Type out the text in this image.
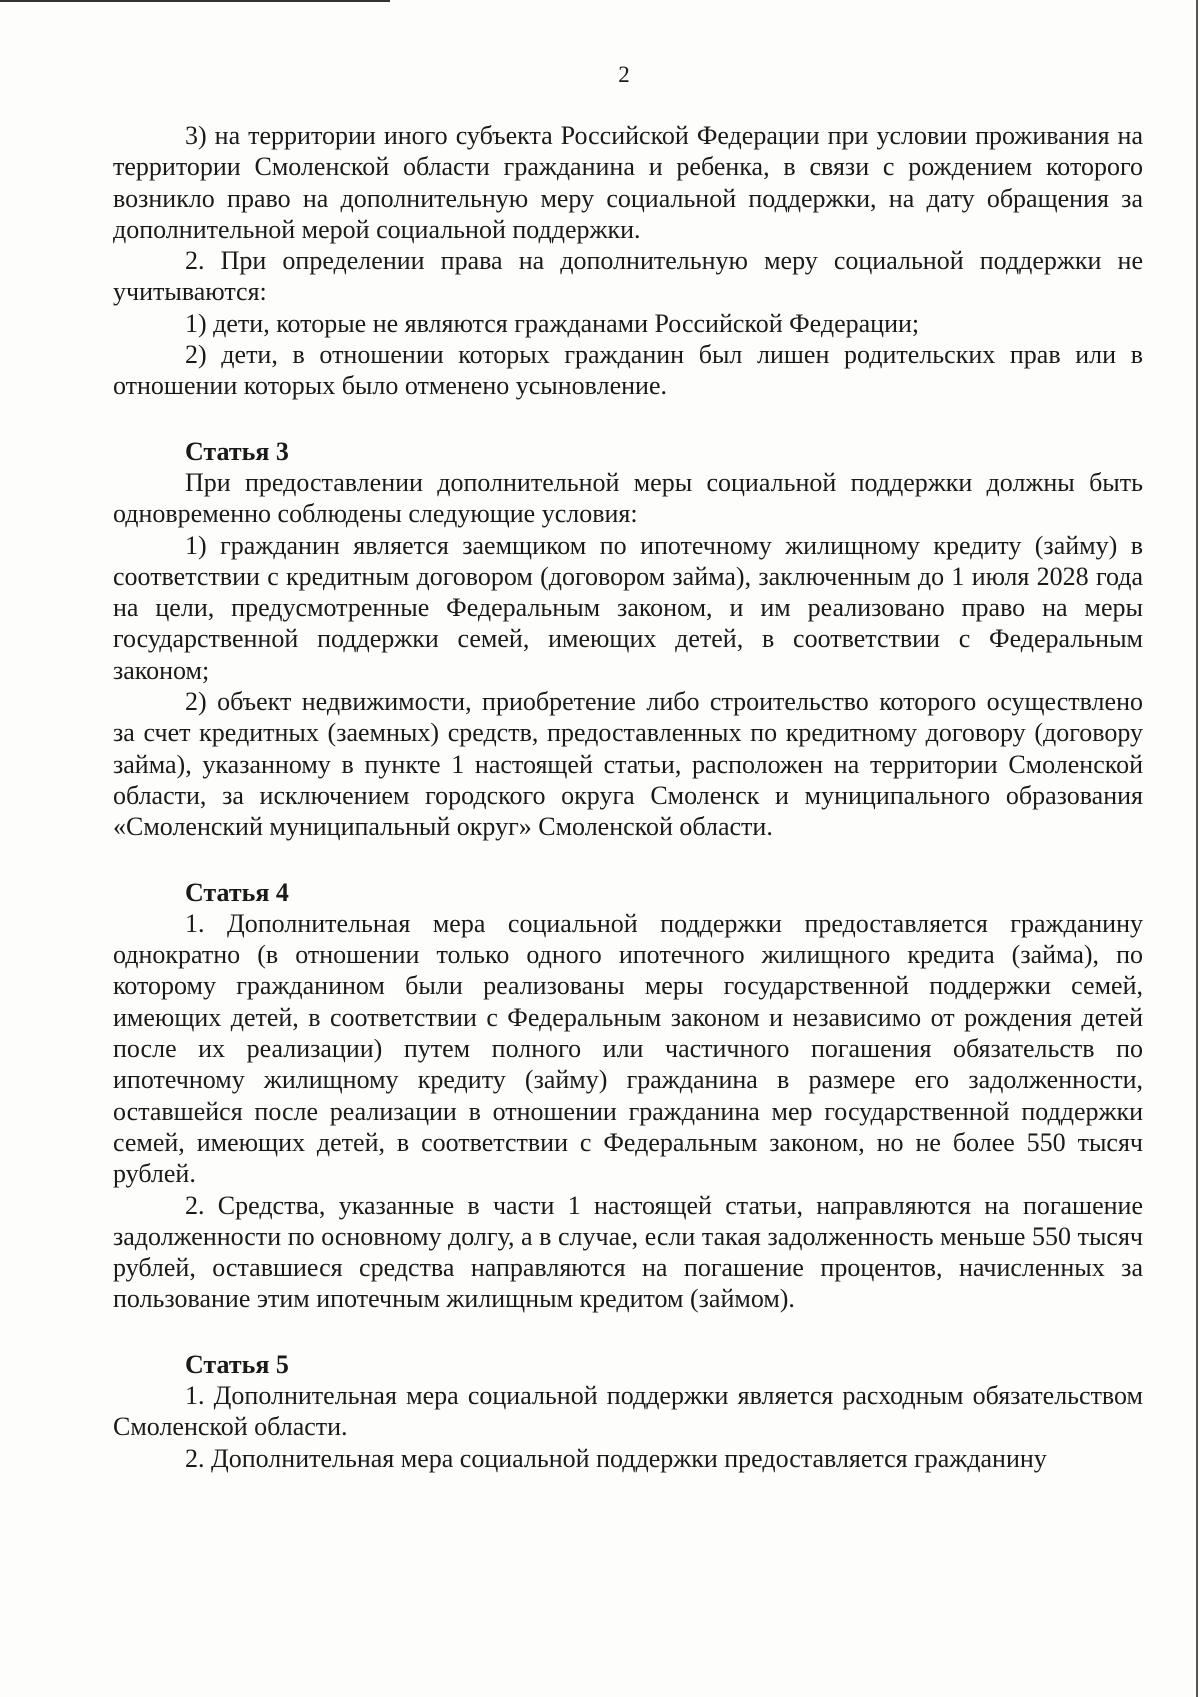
2

3) на территории иного субъекта Российской Федерации при условии проживания на территории Смоленской области гражданина и ребенка, в связи с рождением которого возникло право на дополнительную меру социальной поддержки, на дату обращения за дополнительной мерой социальной поддержки.

2. При определении права на дополнительную меру социальной поддержки не учитываются:

1) дети, которые не являются гражданами Российской Федерации;

2) дети, в отношении которых гражданин был лишен родительских прав или в отношении которых было отменено усыновление.

Статья 3

При предоставлении дополнительной меры социальной поддержки должны быть одновременно соблюдены следующие условия:

1) гражданин является заемщиком по ипотечному жилищному кредиту (займу) в соответствии с кредитным договором (договором займа), заключенным до 1 июля 2028 года на цели, предусмотренные Федеральным законом, и им реализовано право на меры государственной поддержки семей, имеющих детей, в соответствии с Федеральным законом;

2) объект недвижимости, приобретение либо строительство которого осуществлено за счет кредитных (заемных) средств, предоставленных по кредитному договору (договору займа), указанному в пункте 1 настоящей статьи, расположен на территории Смоленской области, за исключением городского округа Смоленск и муниципального образования «Смоленский муниципальный округ» Смоленской области.

Статья 4

1. Дополнительная мера социальной поддержки предоставляется гражданину однократно (в отношении только одного ипотечного жилищного кредита (займа), по которому гражданином были реализованы меры государственной поддержки семей, имеющих детей, в соответствии с Федеральным законом и независимо от рождения детей после их реализации) путем полного или частичного погашения обязательств по ипотечному жилищному кредиту (займу) гражданина в размере его задолженности, оставшейся после реализации в отношении гражданина мер государственной поддержки семей, имеющих детей, в соответствии с Федеральным законом, но не более 550 тысяч рублей.

2. Средства, указанные в части 1 настоящей статьи, направляются на погашение задолженности по основному долгу, а в случае, если такая задолженность меньше 550 тысяч рублей, оставшиеся средства направляются на погашение процентов, начисленных за пользование этим ипотечным жилищным кредитом (займом).

Статья 5

1. Дополнительная мера социальной поддержки является расходным обязательством Смоленской области.

2. Дополнительная мера социальной поддержки предоставляется гражданину
